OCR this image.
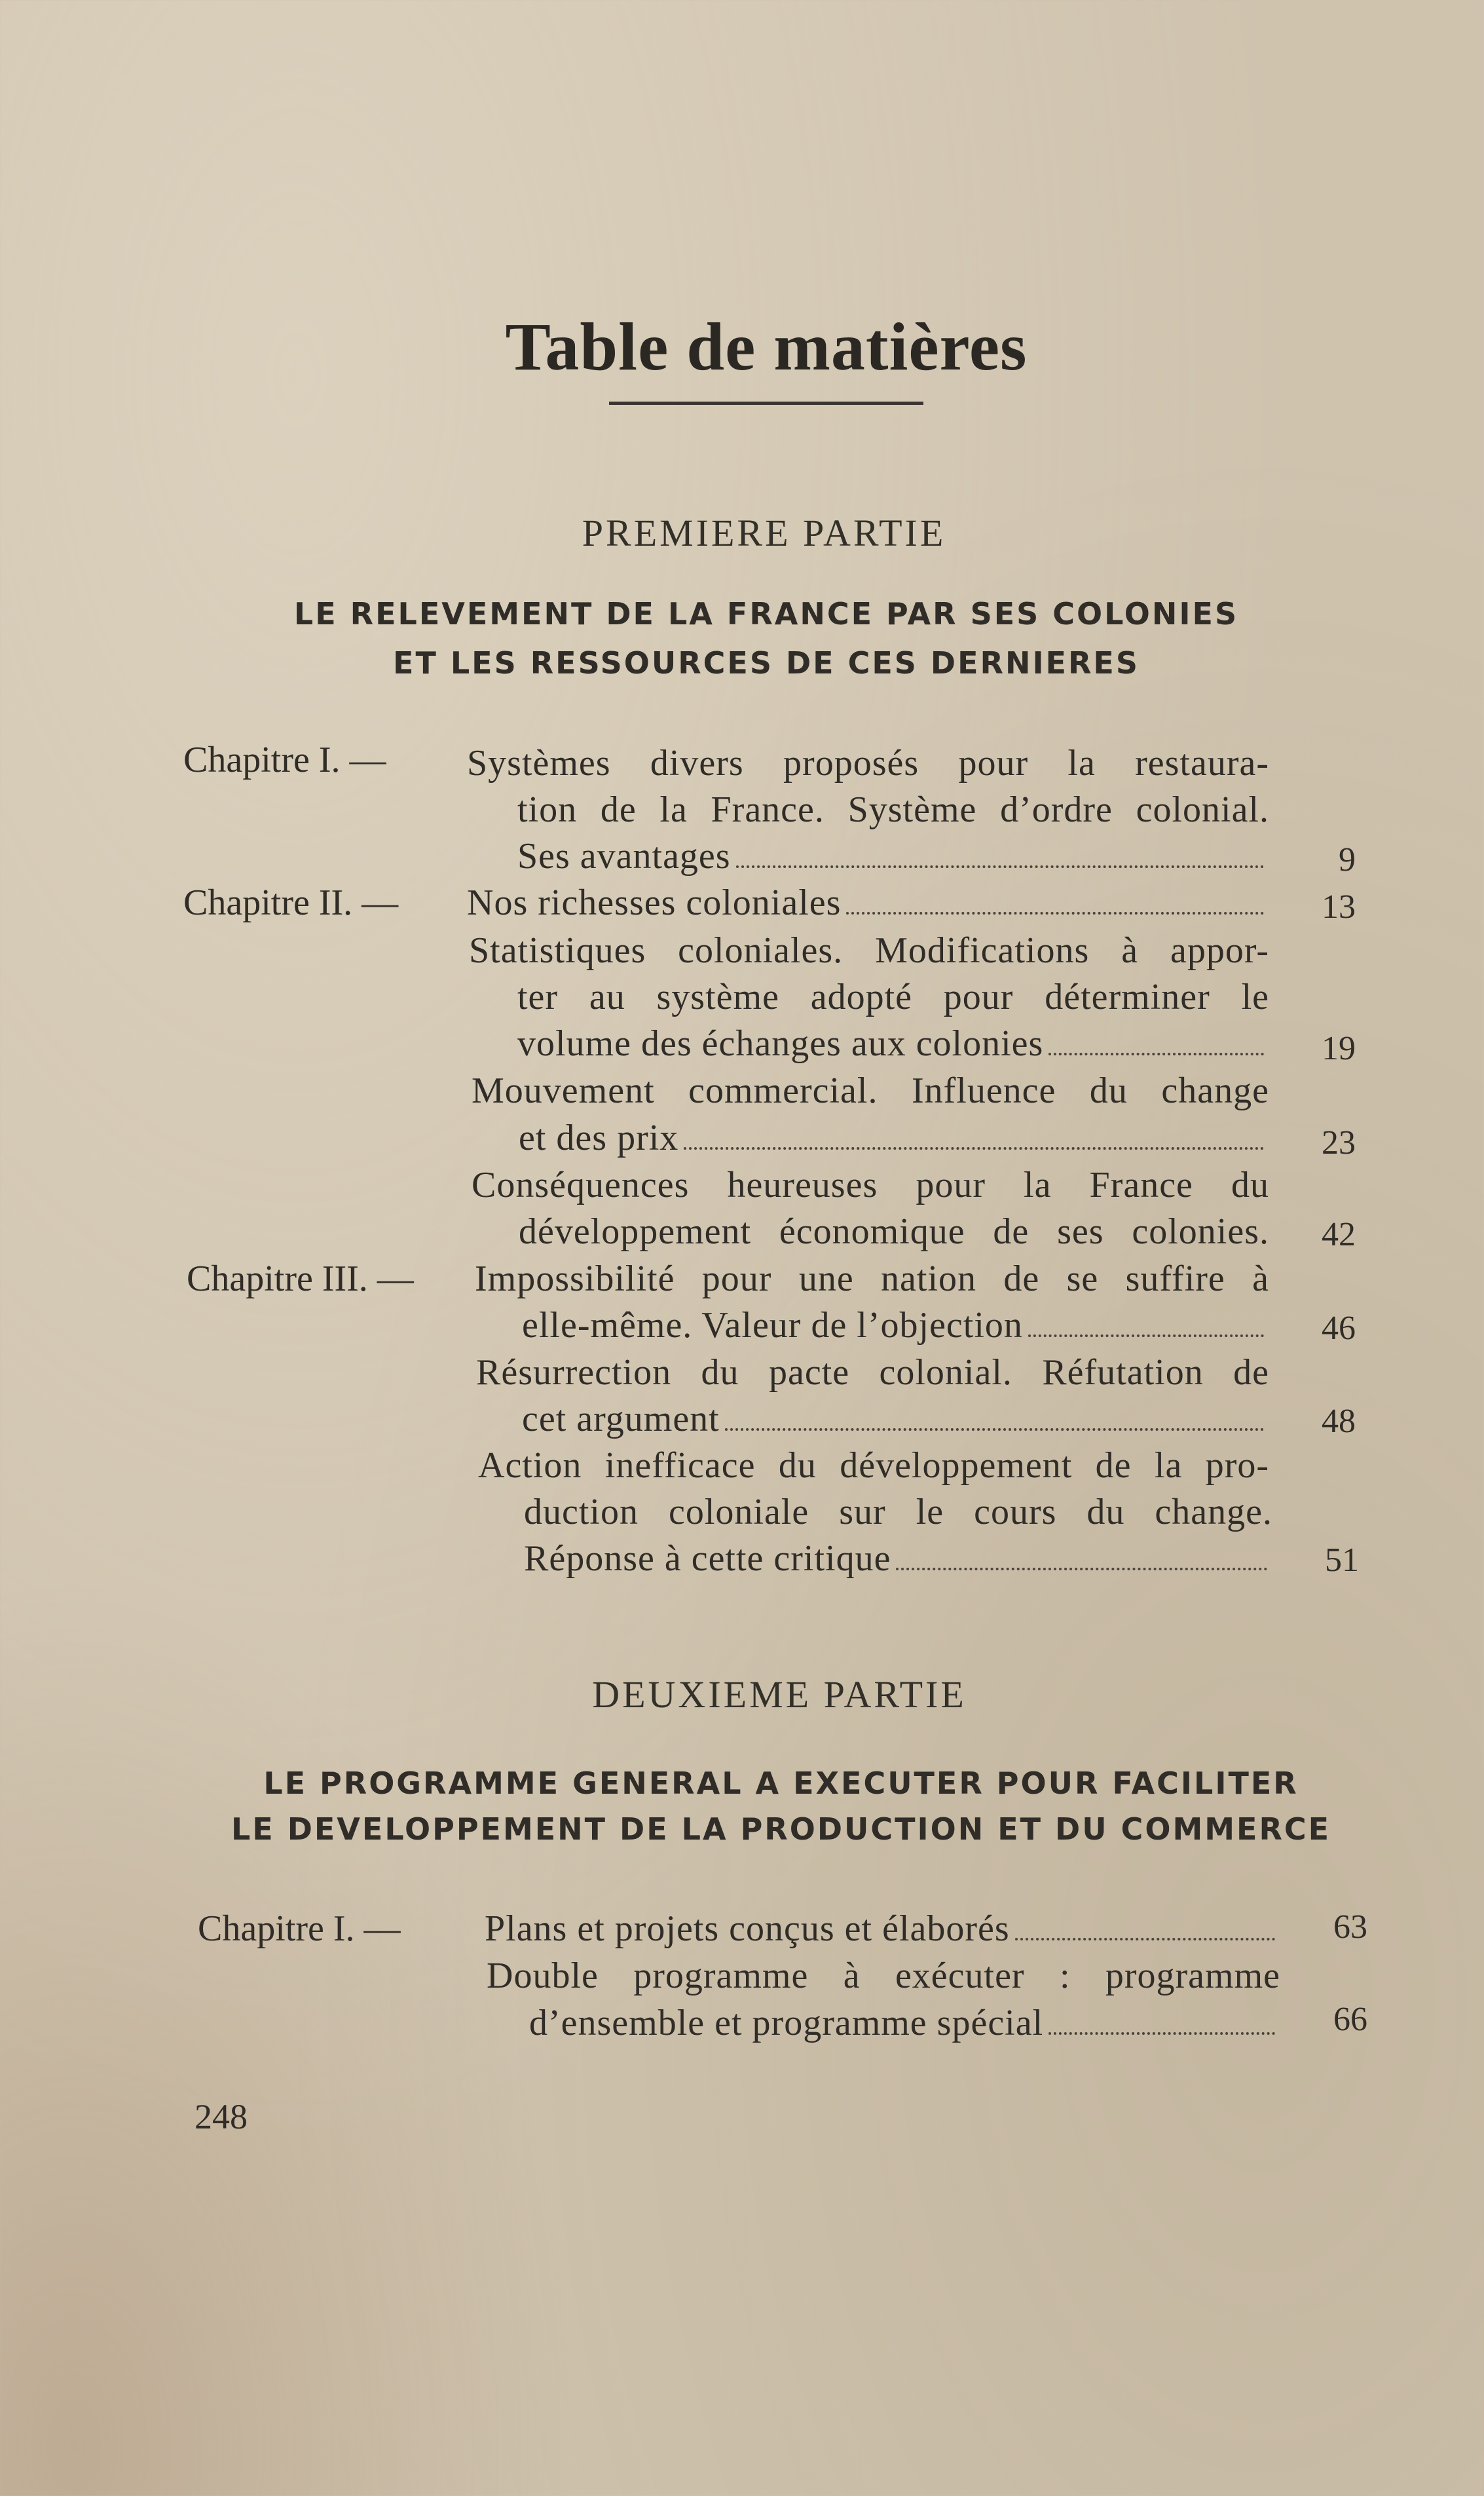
Table de matières
PREMIERE PARTIE
LE RELEVEMENT DE LA FRANCE PAR SES COLONIES
ET LES RESSOURCES DE CES DERNIERES
Chapitre I. — Systèmes divers proposés pour la restaura-
tion de la France. Système d’ordre colonial.
Ses avantages	9
Chapitre II. — Nos richesses coloniales	13
Statistiques coloniales. Modifications à appor-
ter au système adopté pour déterminer le
volume des échanges aux colonies	19
Mouvement commercial. Influence du change
et des prix	23
Conséquences heureuses pour la France du
développement économique de ses colonies.	42
Chapitre III. — Impossibilité pour une nation de se suffire à
elle-même. Valeur de l’objection	46
Résurrection du pacte colonial. Réfutation de
cet argument	48
Action inefficace du développement de la pro-
duction coloniale sur le cours du change.
Réponse à cette critique	51
DEUXIEME PARTIE
LE PROGRAMME GENERAL A EXECUTER POUR FACILITER
LE DEVELOPPEMENT DE LA PRODUCTION ET DU COMMERCE
Chapitre I. — Plans et projets conçus et élaborés	63
Double programme à exécuter : programme
d’ensemble et programme spécial	66
248
